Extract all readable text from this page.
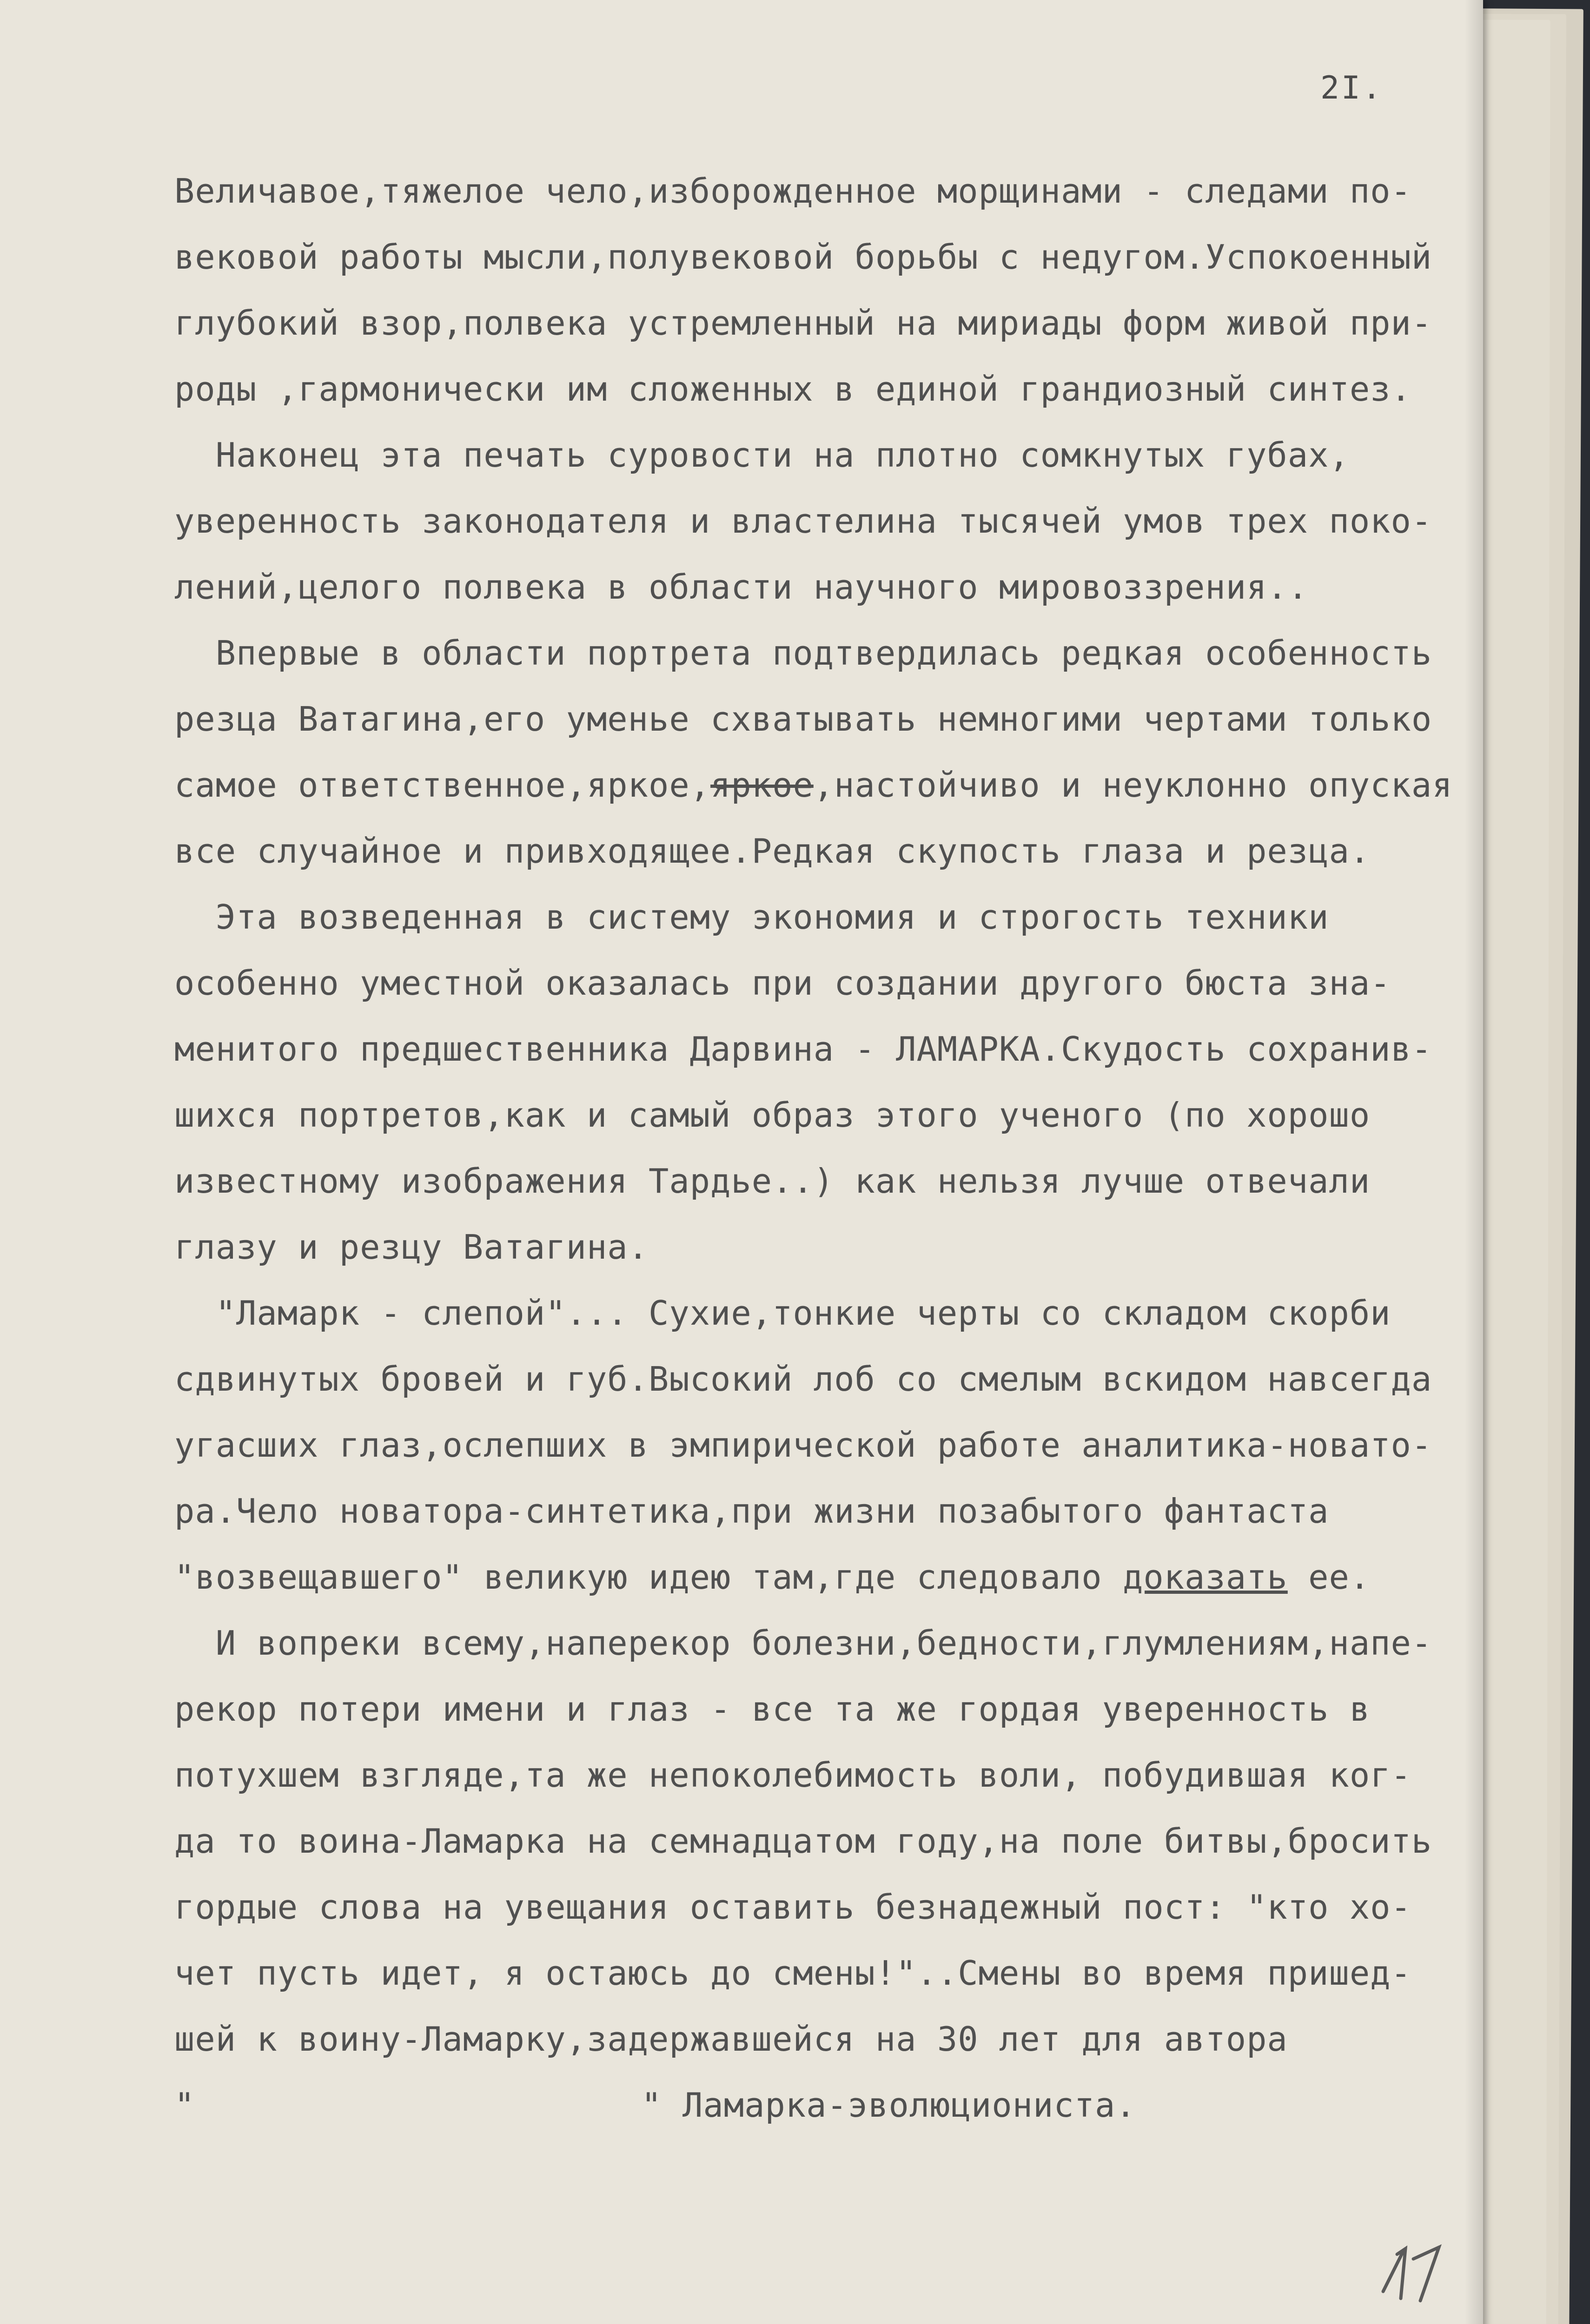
2I.
Величавое,тяжелое чело,изборожденное морщинами - следами по-
вековой работы мысли,полувековой борьбы с недугом.Успокоенный
глубокий взор,полвека устремленный на мириады форм живой при-
роды ,гармонически им сложенных в единой грандиозный синтез.
Наконец эта печать суровости на плотно сомкнутых губах,
уверенность законодателя и властелина тысячей умов трех поко-
лений,целого полвека в области научного мировоззрения..
Впервые в области портрета подтвердилась редкая особенность
резца Ватагина,его уменье схватывать немногими чертами только
самое ответственное,яркое,яркое,настойчиво и неуклонно опуская
все случайное и привходящее.Редкая скупость глаза и резца.
Эта возведенная в систему экономия и строгость техники
особенно уместной оказалась при создании другого бюста зна-
менитого предшественника Дарвина - ЛАМАРКА.Скудость сохранив-
шихся портретов,как и самый образ этого ученого (по хорошо
известному изображения Тардье..) как нельзя лучше отвечали
глазу и резцу Ватагина.
"Ламарк - слепой"... Сухие,тонкие черты со складом скорби
сдвинутых бровей и губ.Высокий лоб со смелым вскидом навсегда
угасших глаз,ослепших в эмпирической работе аналитика-новато-
ра.Чело новатора-синтетика,при жизни позабытого фантаста
"возвещавшего" великую идею там,где следовало доказать ее.
И вопреки всему,наперекор болезни,бедности,глумлениям,напе-
рекор потери имени и глаз - все та же гордая уверенность в
потухшем взгляде,та же непоколебимость воли, побудившая ког-
да то воина-Ламарка на семнадцатом году,на поле битвы,бросить
гордые слова на увещания оставить безнадежный пост: "кто хо-
чет пусть идет, я остаюсь до смены!"..Смены во время пришед-
шей к воину-Ламарку,задержавшейся на 30 лет для автора
"	" Ламарка-эволюциониста.
